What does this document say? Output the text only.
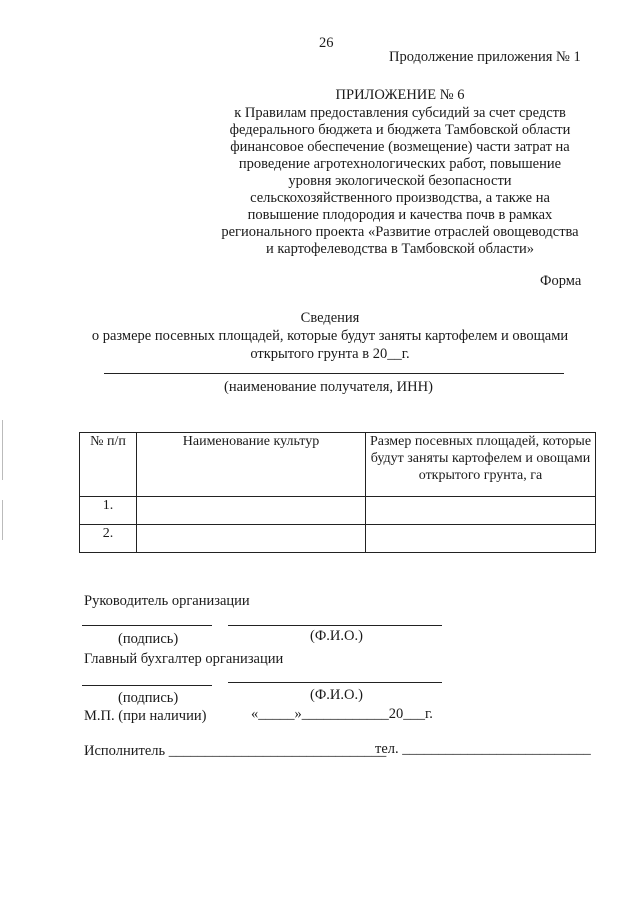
26
Продолжение приложения № 1
ПРИЛОЖЕНИЕ № 6
к Правилам предоставления субсидий за счет средств
федерального бюджета и бюджета Тамбовской области
финансовое обеспечение (возмещение) части затрат на
проведение агротехнологических работ, повышение
уровня экологической безопасности
сельскохозяйственного производства, а также на
повышение плодородия и качества почв в рамках
регионального проекта «Развитие отраслей овощеводства
и картофелеводства в Тамбовской области»
Форма
Сведения
о размере посевных площадей, которые будут заняты картофелем и овощами
открытого грунта в 20__г.
(наименование получателя, ИНН)
№ п/п	Наименование культур	Размер посевных площадей, которые будут заняты картофелем и овощами открытого грунта, га
1.		
2.		
Руководитель организации
(подпись)	(Ф.И.О.)
Главный бухгалтер организации
(подпись)	(Ф.И.О.)
М.П. (при наличии)	«_____»____________20___г.
Исполнитель ______________________________
тел. __________________________
